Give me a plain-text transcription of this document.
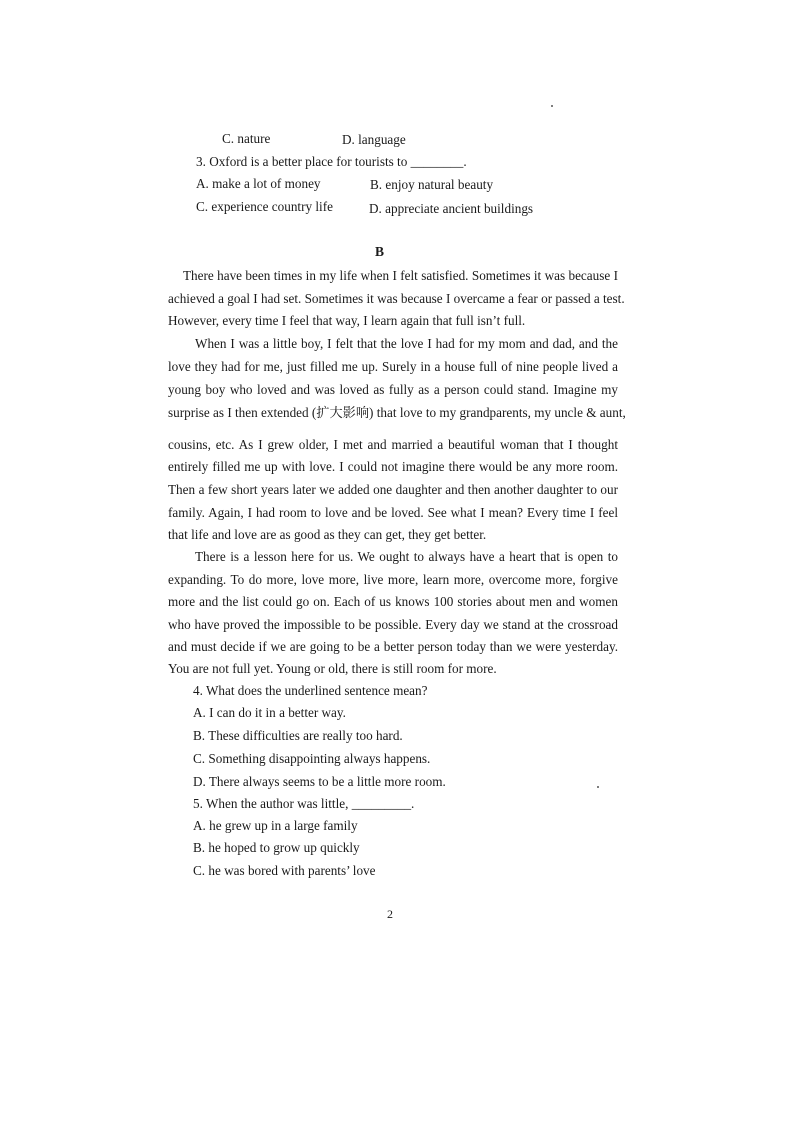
C. nature	D. language
3. Oxford is a better place for tourists to ________.
A. make a lot of money	B. enjoy natural beauty
C. experience country life	D. appreciate ancient buildings
B
There have been times in my life when I felt satisfied. Sometimes it was because I
achieved a goal I had set. Sometimes it was because I overcame a fear or passed a test.
However, every time I feel that way, I learn again that full isn’t full.
When I was a little boy, I felt that the love I had for my mom and dad, and the
love they had for me, just filled me up. Surely in a house full of nine people lived a
young boy who loved and was loved as fully as a person could stand. Imagine my
surprise as I then extended (扩大影响) that love to my grandparents, my uncle & aunt,
cousins, etc. As I grew older, I met and married a beautiful woman that I thought
entirely filled me up with love. I could not imagine there would be any more room.
Then a few short years later we added one daughter and then another daughter to our
family. Again, I had room to love and be loved. See what I mean? Every time I feel
that life and love are as good as they can get, they get better.
There is a lesson here for us. We ought to always have a heart that is open to
expanding. To do more, love more, live more, learn more, overcome more, forgive
more and the list could go on. Each of us knows 100 stories about men and women
who have proved the impossible to be possible. Every day we stand at the crossroad
and must decide if we are going to be a better person today than we were yesterday.
You are not full yet. Young or old, there is still room for more.
4. What does the underlined sentence mean?
A. I can do it in a better way.
B. These difficulties are really too hard.
C. Something disappointing always happens.
D. There always seems to be a little more room.
5. When the author was little, _________.
A. he grew up in a large family
B. he hoped to grow up quickly
C. he was bored with parents’ love
2
